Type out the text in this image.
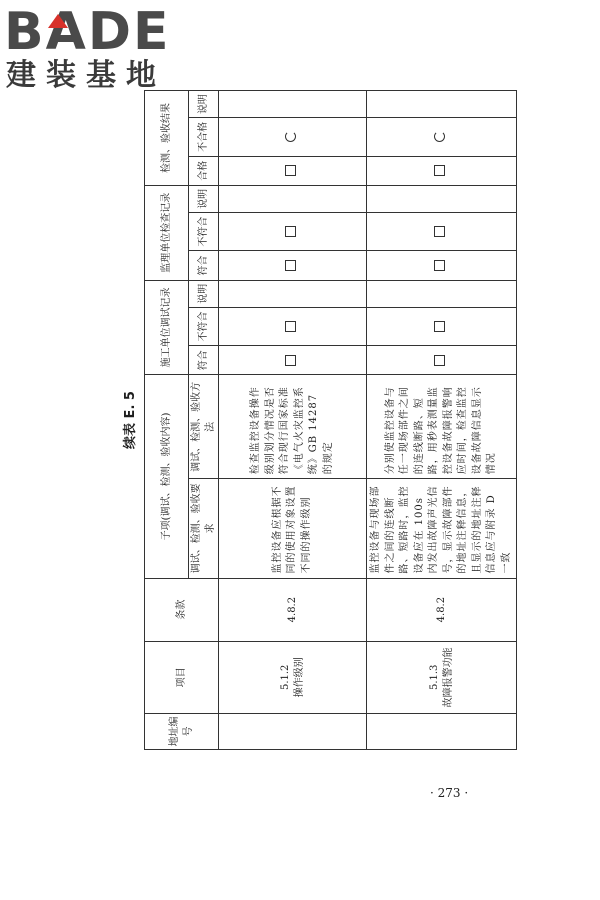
BADE
建装基地
续表 E. 5
地址编号	项目	条款	子项(调试、检测、验收内容)		施工单位调试记录			监理单位检查记录			检测、验收结果		

			调试、检测、验收要求	调试、检测、验收方法	符合	不符合	说明	符合	不符合	说明	合格	不合格	说明
	5.1.2 操作级别	4.8.2	监控设备应根据不同的使用对象设置不同的操作级别	检查监控设备操作级别划分情况是否符合现行国家标准《电气火灾监控系统》GB 14287 的规定									
	5.1.3 故障报警功能	4.8.2	监控设备与现场部件之间的连线断路、短路时，监控设备应在 100s 内发出故障声光信号，显示故障部件的地址注释信息，且显示的地址注释信息应与附录 D 一致	分别使监控设备与任一现场部件之间的连线断路、短路，用秒表测量监控设备故障报警响应时间，检查监控设备故障信息显示情况									
· 273 ·
